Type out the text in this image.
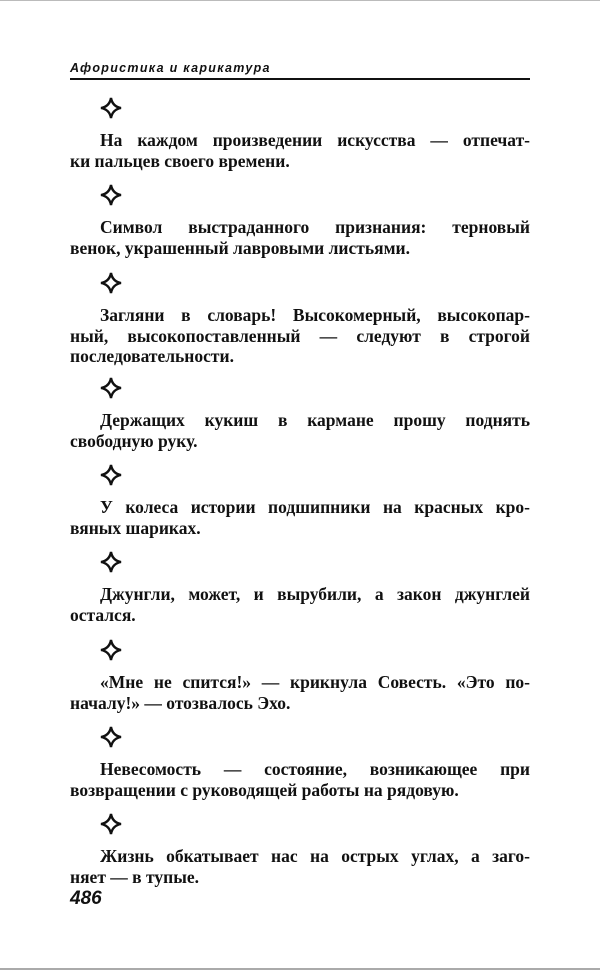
Афористика и карикатура
На каждом произведении искусства — отпечат-
ки пальцев своего времени.
Символ выстраданного признания: терновый
венок, украшенный лавровыми листьями.
Загляни в словарь! Высокомерный, высокопар-
ный, высокопоставленный — следуют в строгой
последовательности.
Держащих кукиш в кармане прошу поднять
свободную руку.
У колеса истории подшипники на красных кро-
вяных шариках.
Джунгли, может, и вырубили, а закон джунглей
остался.
«Мне не спится!» — крикнула Совесть. «Это по-
началу!» — отозвалось Эхо.
Невесомость — состояние, возникающее при
возвращении с руководящей работы на рядовую.
Жизнь обкатывает нас на острых углах, а заго-
няет — в тупые.
486
